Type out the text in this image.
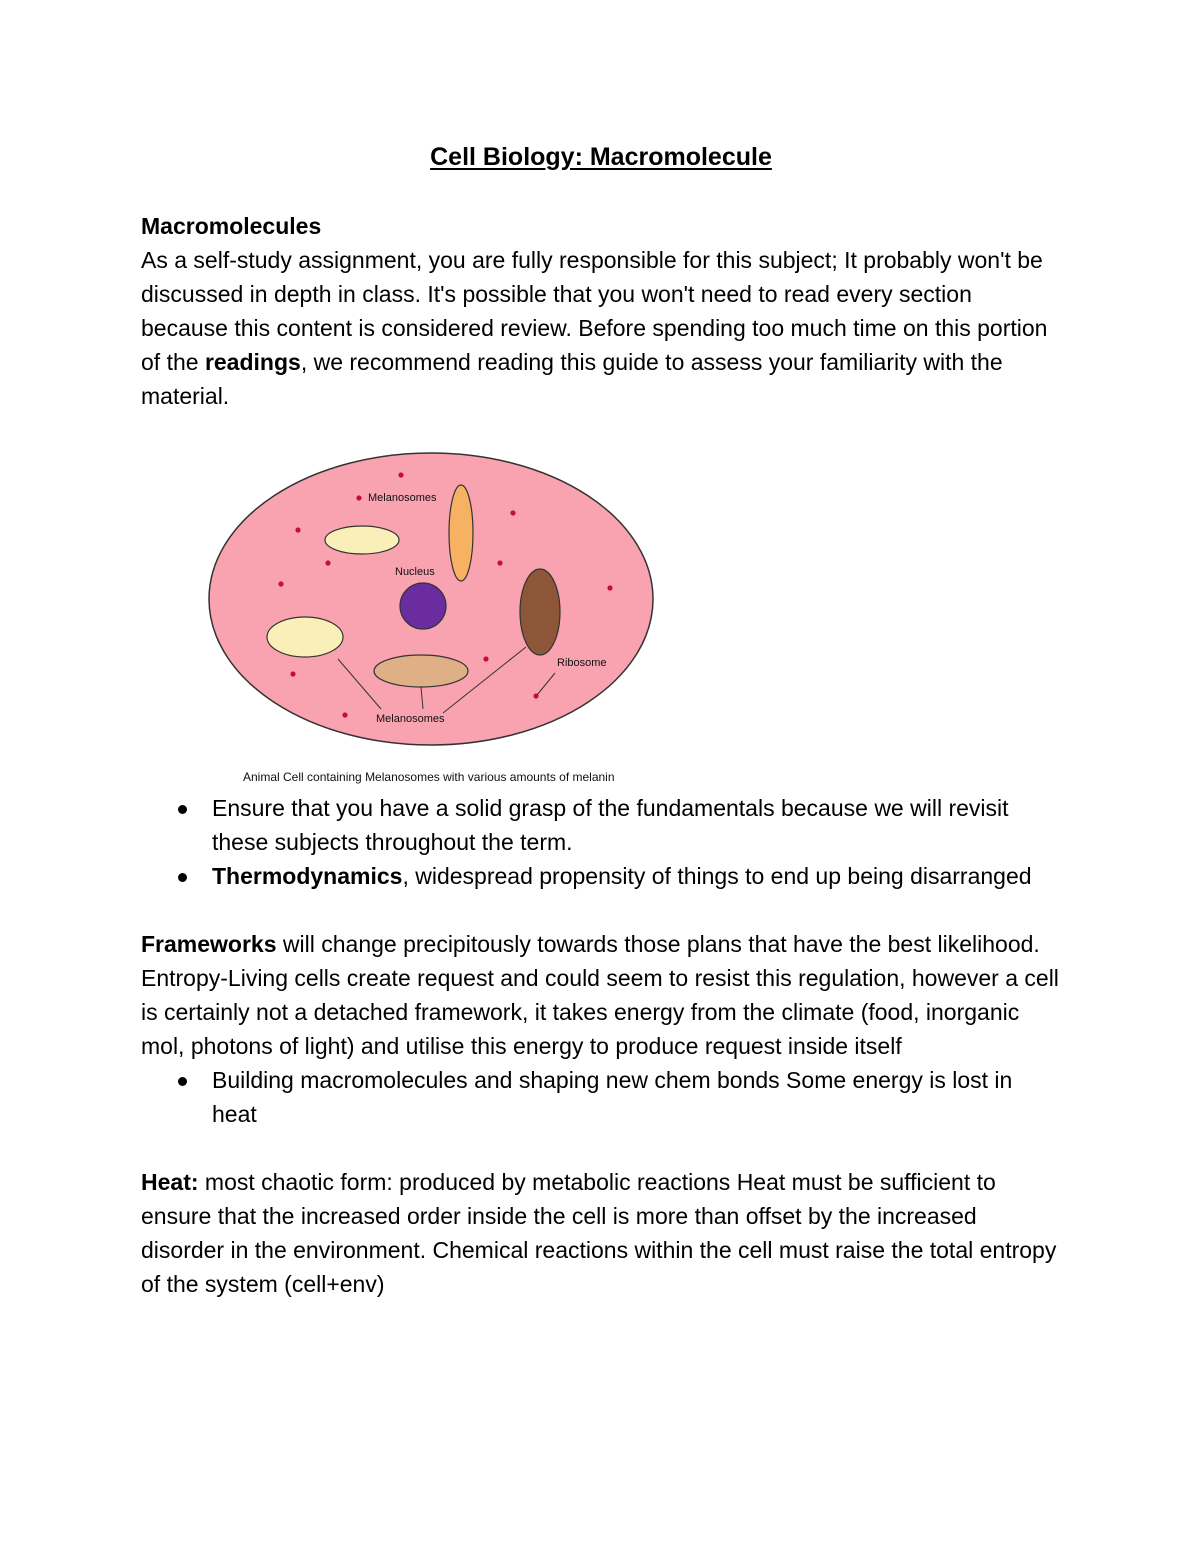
Cell Biology: Macromolecule
Macromolecules

As a self-study assignment, you are fully responsible for this subject; It probably won't be discussed in depth in class. It's possible that you won't need to read every section because this content is considered review. Before spending too much time on this portion of the readings, we recommend reading this guide to assess your familiarity with the material.

Melanosomes
Nucleus
Ribosome
Melanosomes
Animal Cell containing Melanosomes with various amounts of melanin
Ensure that you have a solid grasp of the fundamentals because we will revisit these subjects throughout the term.
Thermodynamics, widespread propensity of things to end up being disarranged

Frameworks will change precipitously towards those plans that have the best likelihood. Entropy-Living cells create request and could seem to resist this regulation, however a cell is certainly not a detached framework, it takes energy from the climate (food, inorganic mol, photons of light) and utilise this energy to produce request inside itself

Building macromolecules and shaping new chem bonds Some energy is lost in heat

Heat: most chaotic form: produced by metabolic reactions Heat must be sufficient to ensure that the increased order inside the cell is more than offset by the increased disorder in the environment. Chemical reactions within the cell must raise the total entropy of the system (cell+env)
